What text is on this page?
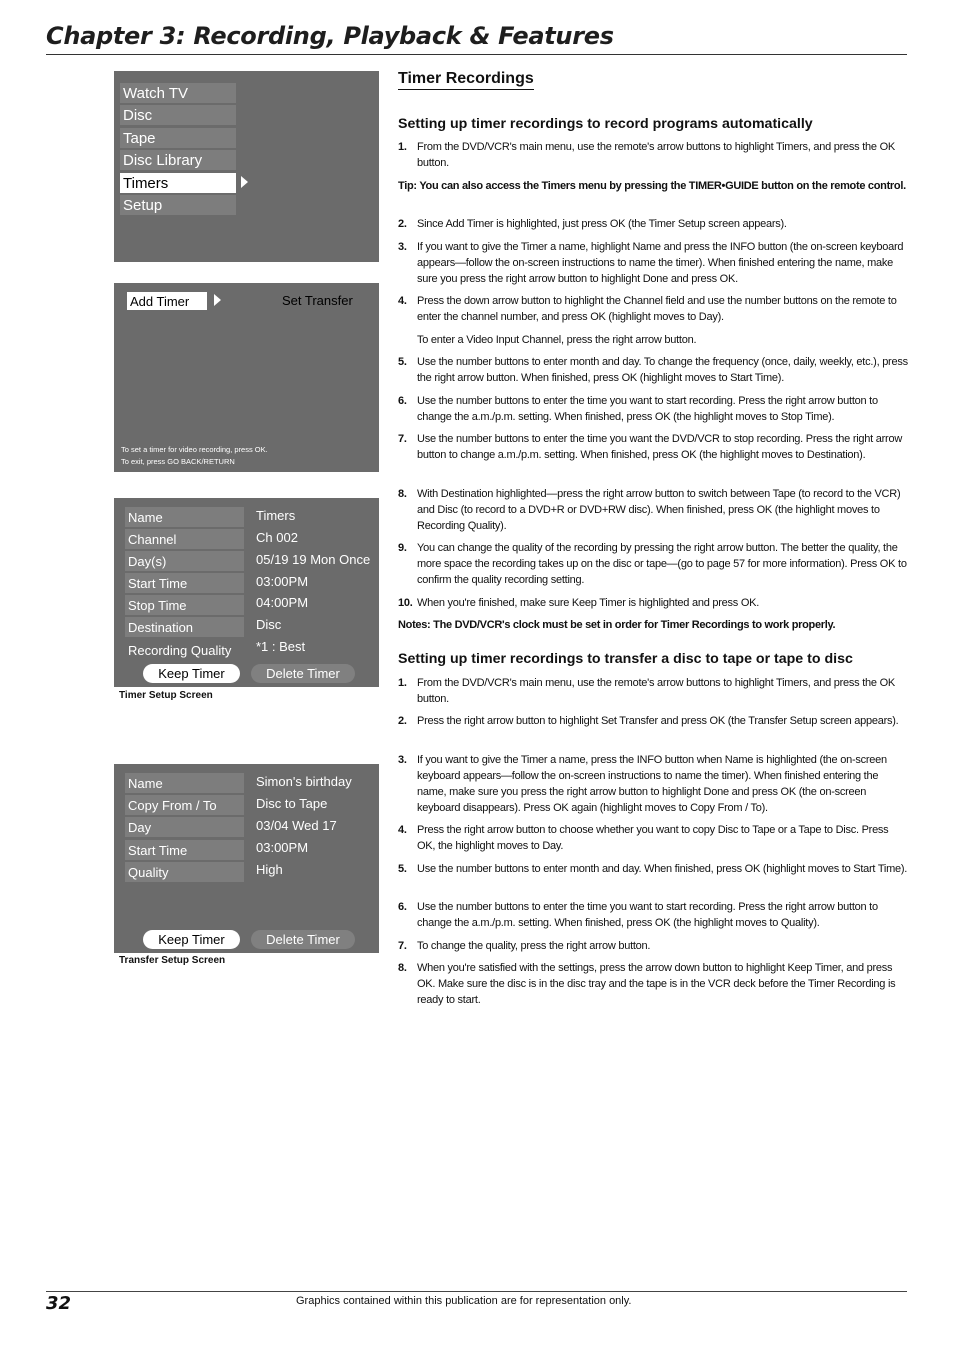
Chapter 3: Recording, Playback & Features
Watch TV
Disc
Tape
Disc Library
Timers
Setup
Add Timer	Set Transfer
To set a timer for video recording, press OK.
To exit, press GO BACK/RETURN
Name	Timers
Channel	Ch 002
Day(s)	05/19 19 Mon Once
Start Time	03:00PM
Stop Time	04:00PM
Destination	Disc
Recording Quality	*1 : Best
Keep Timer	Delete Timer
Timer Setup Screen
Name	Simon's birthday
Copy From / To	Disc to Tape
Day	03/04 Wed 17
Start Time	03:00PM
Quality	High
Keep Timer	Delete Timer
Transfer Setup Screen
Timer Recordings
Setting up timer recordings to record programs automatically
1. From the DVD/VCR's main menu, use the remote's arrow buttons to highlight Timers, and press the OK button.
Tip: You can also access the Timers menu by pressing the TIMER•GUIDE button on the remote control.
2. Since Add Timer is highlighted, just press OK (the Timer Setup screen appears).
3. If you want to give the Timer a name, highlight Name and press the INFO button (the on-screen keyboard appears—follow the on-screen instructions to name the timer). When finished entering the name, make sure you press the right arrow button to highlight Done and press OK.
4. Press the down arrow button to highlight the Channel field and use the number buttons on the remote to enter the channel number, and press OK (highlight moves to Day).
To enter a Video Input Channel, press the right arrow button.
5. Use the number buttons to enter month and day. To change the frequency (once, daily, weekly, etc.), press the right arrow button. When finished, press OK (highlight moves to Start Time).
6. Use the number buttons to enter the time you want to start recording. Press the right arrow button to change the a.m./p.m. setting. When finished, press OK (the highlight moves to Stop Time).
7. Use the number buttons to enter the time you want the DVD/VCR to stop recording. Press the right arrow button to change a.m./p.m. setting. When finished, press OK (the highlight moves to Destination).
8. With Destination highlighted—press the right arrow button to switch between Tape (to record to the VCR) and Disc (to record to a DVD+R or DVD+RW disc). When finished, press OK (the highlight moves to Recording Quality).
9. You can change the quality of the recording by pressing the right arrow button. The better the quality, the more space the recording takes up on the disc or tape—(go to page 57 for more information). Press OK to confirm the quality recording setting.
10. When you're finished, make sure Keep Timer is highlighted and press OK.
Notes: The DVD/VCR's clock must be set in order for Timer Recordings to work properly.
Setting up timer recordings to transfer a disc to tape or tape to disc
1. From the DVD/VCR's main menu, use the remote's arrow buttons to highlight Timers, and press the OK button.
2. Press the right arrow button to highlight Set Transfer and press OK (the Transfer Setup screen appears).
3. If you want to give the Timer a name, press the INFO button when Name is highlighted (the on-screen keyboard appears—follow the on-screen instructions to name the timer). When finished entering the name, make sure you press the right arrow button to highlight Done and press OK (the on-screen keyboard disappears). Press OK again (highlight moves to Copy From / To).
4. Press the right arrow button to choose whether you want to copy Disc to Tape or a Tape to Disc. Press OK, the highlight moves to Day.
5. Use the number buttons to enter month and day. When finished, press OK (highlight moves to Start Time).
6. Use the number buttons to enter the time you want to start recording. Press the right arrow button to change the a.m./p.m. setting. When finished, press OK (the highlight moves to Quality).
7. To change the quality, press the right arrow button.
8. When you're satisfied with the settings, press the arrow down button to highlight Keep Timer, and press OK. Make sure the disc is in the disc tray and the tape is in the VCR deck before the Timer Recording is ready to start.
32	Graphics contained within this publication are for representation only.
